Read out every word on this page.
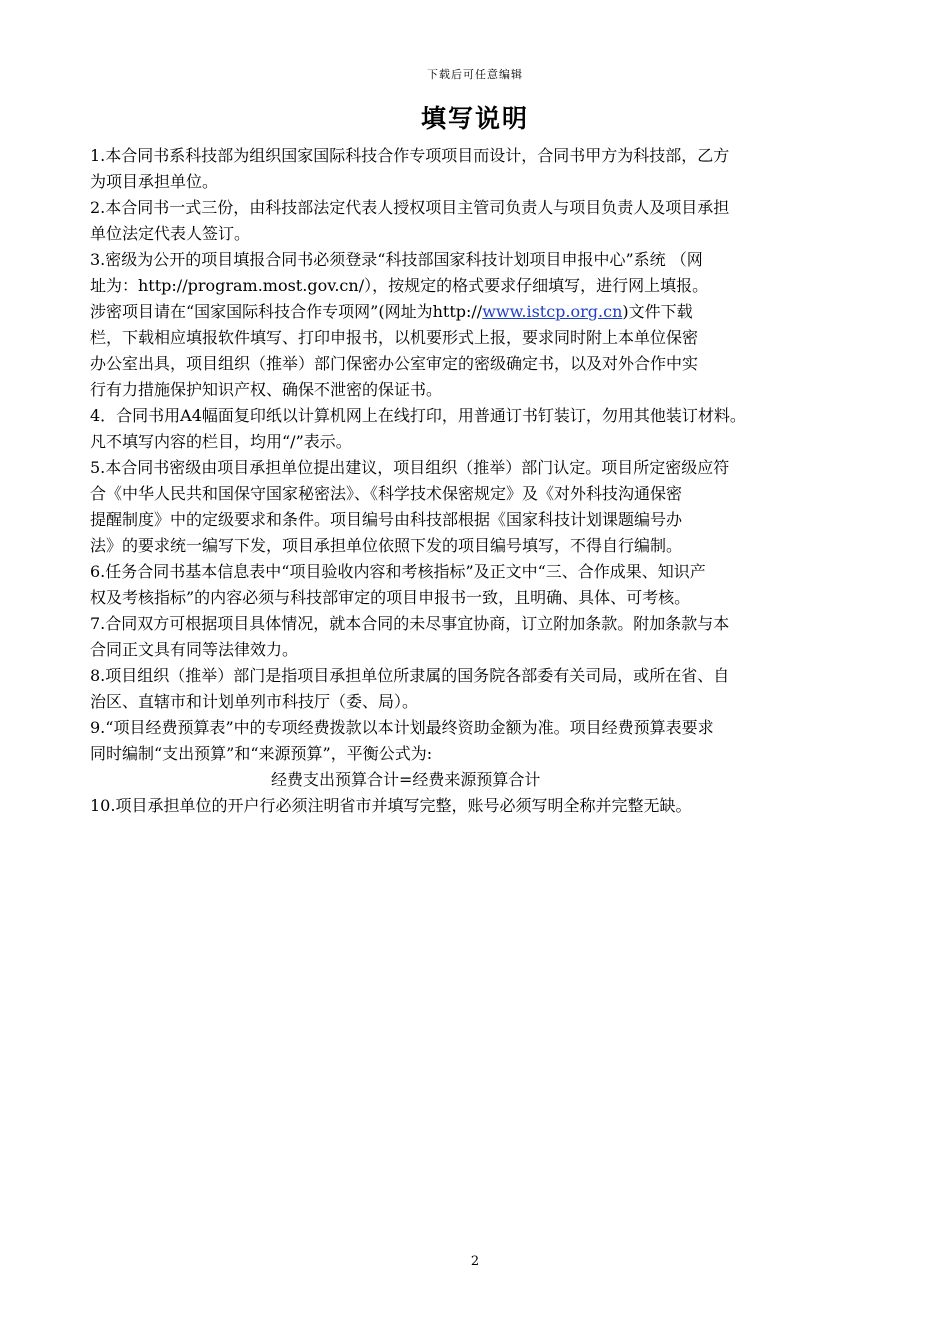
下载后可任意编辑
填写说明
1.本合同书系科技部为组织国家国际科技合作专项项目而设计，合同书甲方为科技部，乙方
为项目承担单位。
2.本合同书一式三份，由科技部法定代表人授权项目主管司负责人与项目负责人及项目承担
单位法定代表人签订。
3.密级为公开的项目填报合同书必须登录“科技部国家科技计划项目申报中心”系统 （网
址为：http://program.most.gov.cn/），按规定的格式要求仔细填写，进行网上填报。
涉密项目请在“国家国际科技合作专项网”(网址为http://www.istcp.org.cn)文件下载
栏，下载相应填报软件填写、打印申报书，以机要形式上报，要求同时附上本单位保密
办公室出具，项目组织（推举）部门保密办公室审定的密级确定书，以及对外合作中实
行有力措施保护知识产权、确保不泄密的保证书。
4．合同书用A4幅面复印纸以计算机网上在线打印，用普通订书钉装订，勿用其他装订材料。
凡不填写内容的栏目，均用“/”表示。
5.本合同书密级由项目承担单位提出建议，项目组织（推举）部门认定。项目所定密级应符
合《中华人民共和国保守国家秘密法》、《科学技术保密规定》及《对外科技沟通保密
提醒制度》中的定级要求和条件。项目编号由科技部根据《国家科技计划课题编号办
法》的要求统一编写下发，项目承担单位依照下发的项目编号填写，不得自行编制。
6.任务合同书基本信息表中“项目验收内容和考核指标”及正文中“三、合作成果、知识产
权及考核指标”的内容必须与科技部审定的项目申报书一致，且明确、具体、可考核。
7.合同双方可根据项目具体情况，就本合同的未尽事宜协商，订立附加条款。附加条款与本
合同正文具有同等法律效力。
8.项目组织（推举）部门是指项目承担单位所隶属的国务院各部委有关司局，或所在省、自
治区、直辖市和计划单列市科技厅（委、局）。
9.“项目经费预算表”中的专项经费拨款以本计划最终资助金额为准。项目经费预算表要求
同时编制“支出预算”和“来源预算”，平衡公式为:
经费支出预算合计=经费来源预算合计
10.项目承担单位的开户行必须注明省市并填写完整，账号必须写明全称并完整无缺。
2
